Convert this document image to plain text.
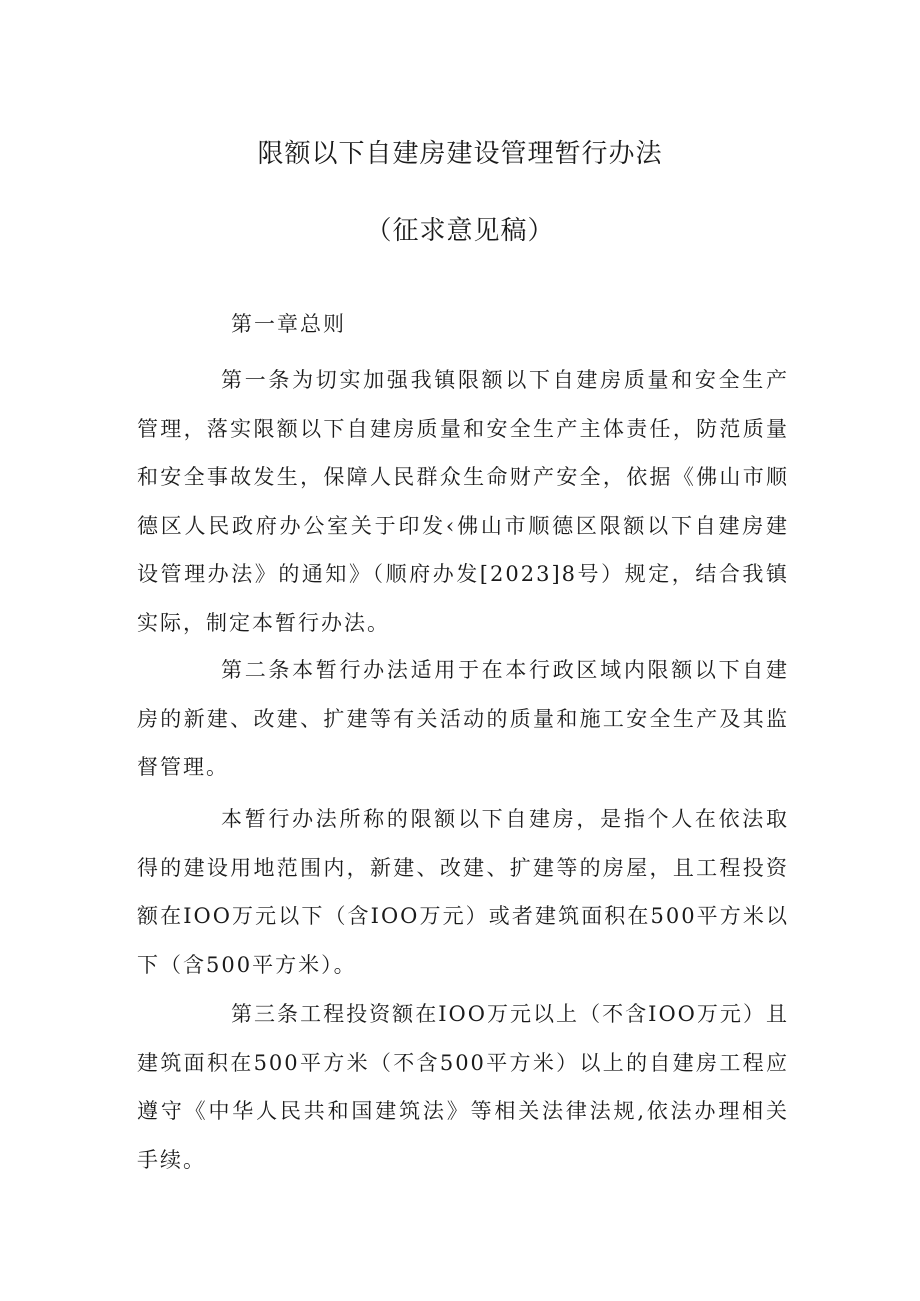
限额以下自建房建设管理暂行办法
（征求意见稿）
第一章总则

第一条为切实加强我镇限额以下自建房质量和安全生产管理，落实限额以下自建房质量和安全生产主体责任，防范质量和安全事故发生，保障人民群众生命财产安全，依据《佛山市顺德区人民政府办公室关于印发‹佛山市顺德区限额以下自建房建设管理办法》的通知》（顺府办发[2023]8号）规定，结合我镇实际，制定本暂行办法。

第二条本暂行办法适用于在本行政区域内限额以下自建房的新建、改建、扩建等有关活动的质量和施工安全生产及其监督管理。

本暂行办法所称的限额以下自建房，是指个人在依法取得的建设用地范围内，新建、改建、扩建等的房屋，且工程投资额在IOO万元以下（含IOO万元）或者建筑面积在500平方米以下（含500平方米）。

第三条工程投资额在IOO万元以上（不含IOO万元）且建筑面积在500平方米（不含500平方米）以上的自建房工程应遵守《中华人民共和国建筑法》等相关法律法规,依法办理相关手续。
